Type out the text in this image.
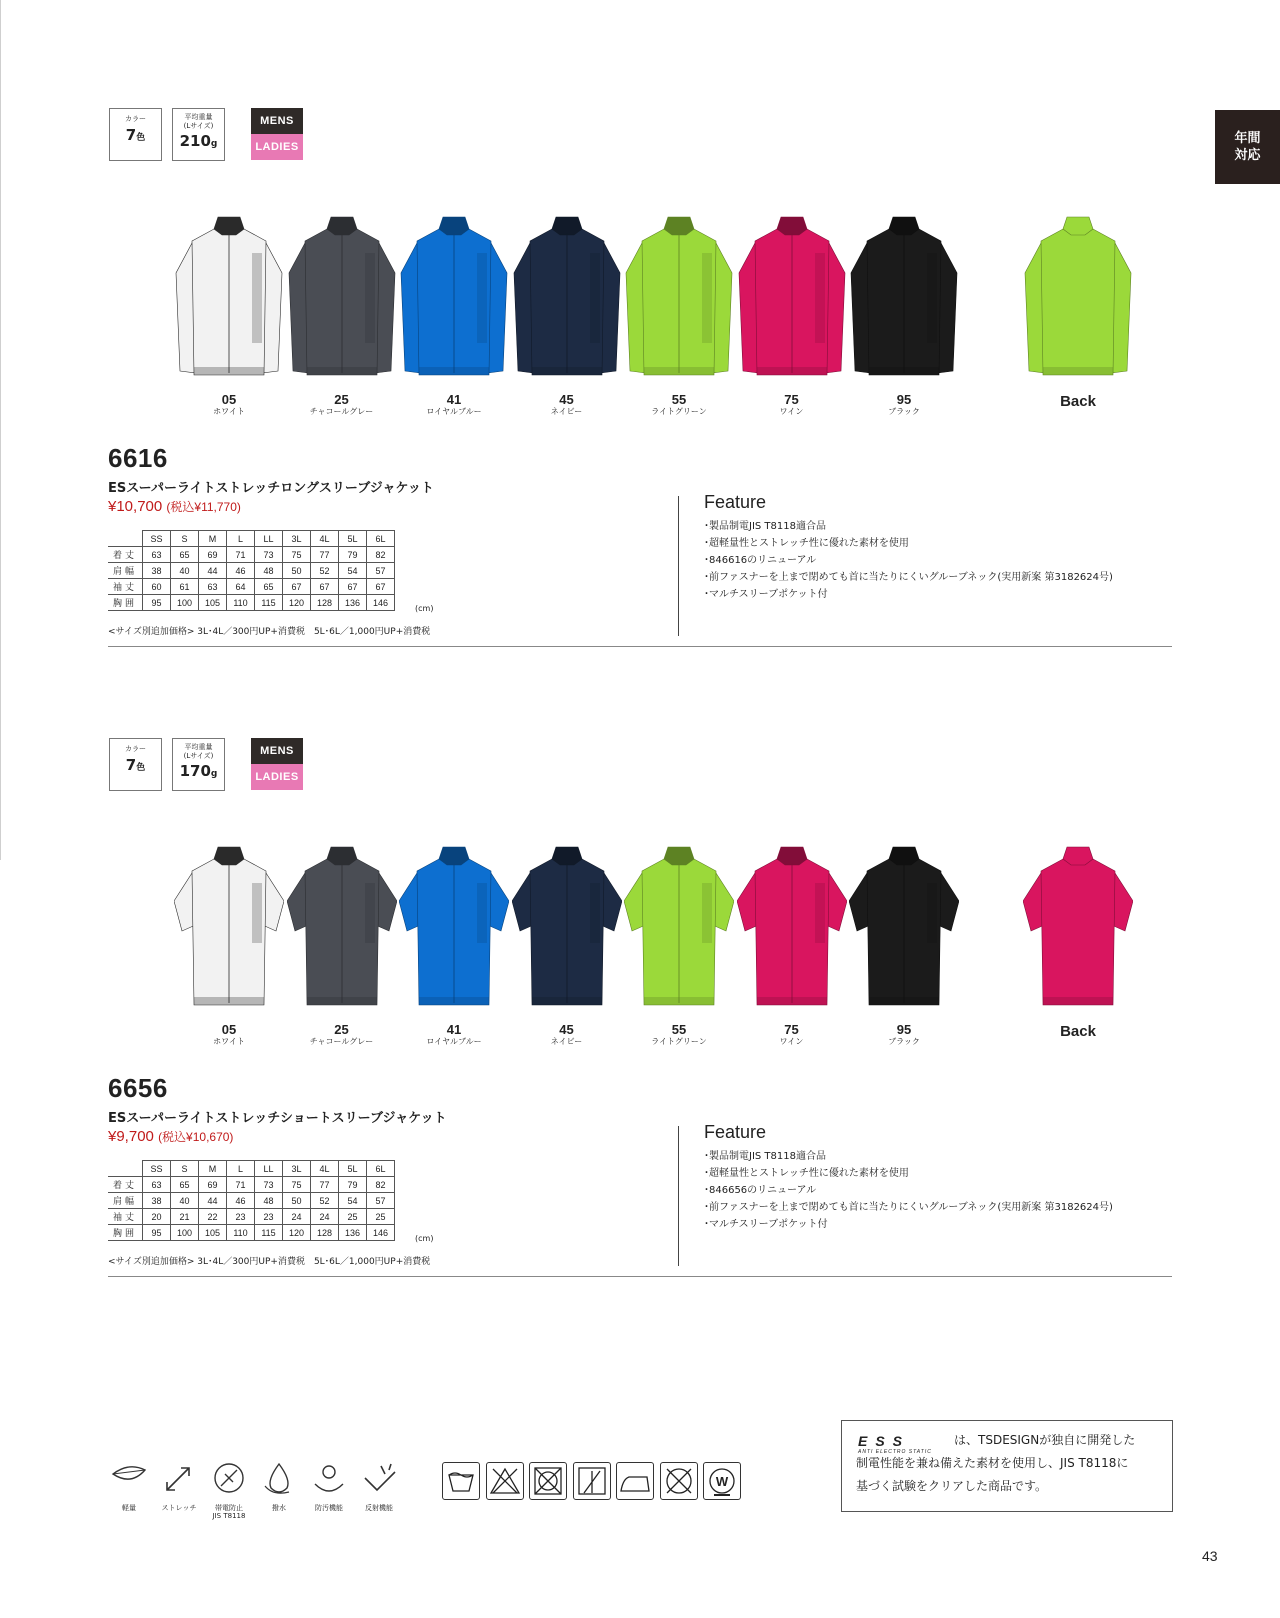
年間
対応
カラー
7色
平均重量
(Lサイズ)
210g
MENS
LADIES
05
ホワイト
25
チャコールグレー
41
ロイヤルブルー
45
ネイビー
55
ライトグリーン
75
ワイン
95
ブラック
Back
6616
ESスーパーライトストレッチロングスリーブジャケット
¥10,700 (税込¥11,770)
	SS	S	M	L	LL	3L	4L	5L	6L
着丈	63	65	69	71	73	75	77	79	82
肩幅	38	40	44	46	48	50	52	54	57
袖丈	60	61	63	64	65	67	67	67	67
胸囲	95	100	105	110	115	120	128	136	146
(cm)
<サイズ別追加価格> 3L･4L／300円UP+消費税　5L･6L／1,000円UP+消費税
Feature
･製品制電JIS T8118適合品
･超軽量性とストレッチ性に優れた素材を使用
･846616のリニューアル
･前ファスナーを上まで閉めても首に当たりにくいグルーブネック(実用新案 第3182624号)
･マルチスリーブポケット付
カラー
7色
平均重量
(Lサイズ)
170g
MENS
LADIES
05
ホワイト
25
チャコールグレー
41
ロイヤルブルー
45
ネイビー
55
ライトグリーン
75
ワイン
95
ブラック
Back
6656
ESスーパーライトストレッチショートスリーブジャケット
¥9,700 (税込¥10,670)
	SS	S	M	L	LL	3L	4L	5L	6L
着丈	63	65	69	71	73	75	77	79	82
肩幅	38	40	44	46	48	50	52	54	57
袖丈	20	21	22	23	23	24	24	25	25
胸囲	95	100	105	110	115	120	128	136	146
(cm)
<サイズ別追加価格> 3L･4L／300円UP+消費税　5L･6L／1,000円UP+消費税
Feature
･製品制電JIS T8118適合品
･超軽量性とストレッチ性に優れた素材を使用
･846656のリニューアル
･前ファスナーを上まで閉めても首に当たりにくいグルーブネック(実用新案 第3182624号)
･マルチスリーブポケット付
軽量	ストレッチ	帯電防止
JIS T8118
撥水	防汚機能	反射機能
W
ESS
ANTI ELECTRO STATIC
は、TSDESIGNが独自に開発した
制電性能を兼ね備えた素材を使用し、JIS T8118に
基づく試験をクリアした商品です。
43
